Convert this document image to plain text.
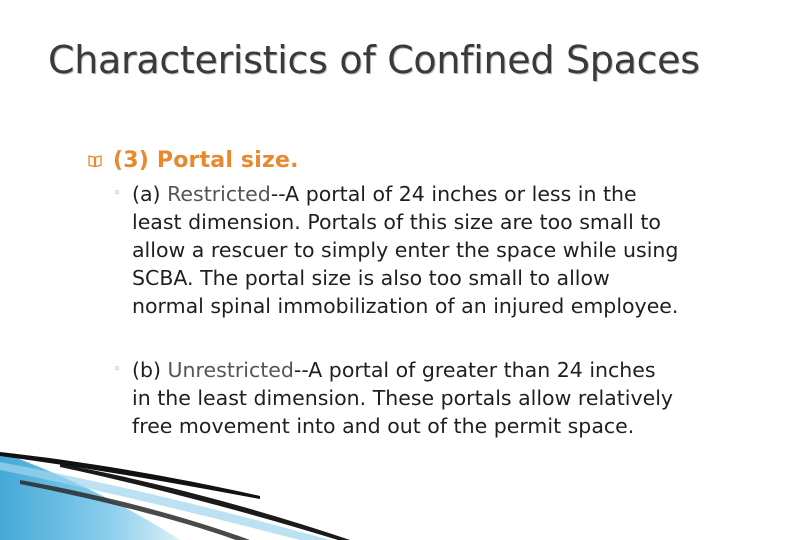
Characteristics of Confined Spaces
(3) Portal size.
◦ (a) Restricted--A portal of 24 inches or less in the
least dimension. Portals of this size are too small to
allow a rescuer to simply enter the space while using
SCBA. The portal size is also too small to allow
normal spinal immobilization of an injured employee.
◦ (b) Unrestricted--A portal of greater than 24 inches
in the least dimension. These portals allow relatively
free movement into and out of the permit space.
